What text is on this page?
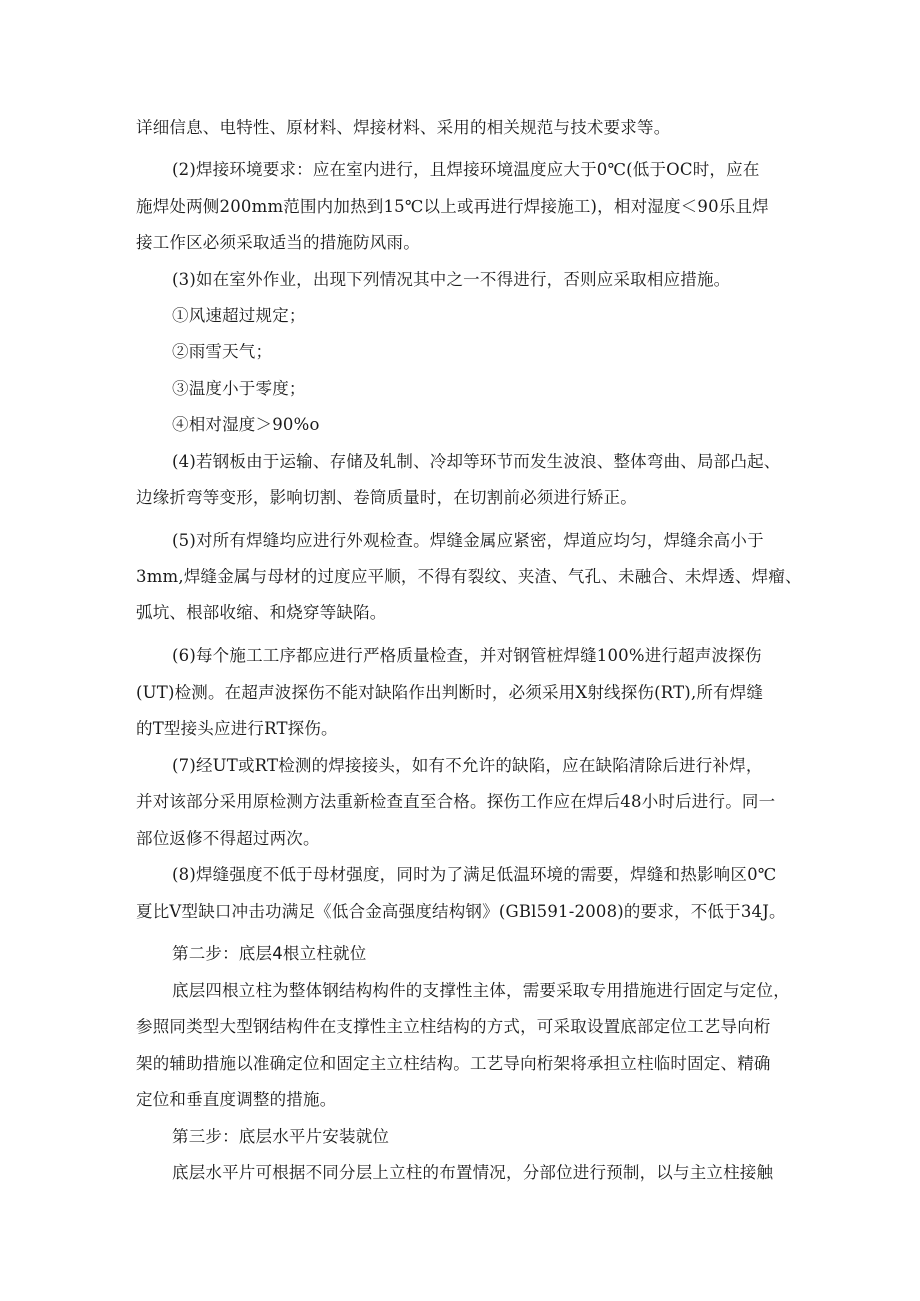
详细信息、电特性、原材料、焊接材料、采用的相关规范与技术要求等。
(2)焊接环境要求：应在室内进行，且焊接环境温度应大于0℃(低于OC时，应在
施焊处两侧200mm范围内加热到15℃以上或再进行焊接施工)，相对湿度＜90乐且焊
接工作区必须采取适当的措施防风雨。
(3)如在室外作业，出现下列情况其中之一不得进行，否则应采取相应措施。
①风速超过规定；
②雨雪天气；
③温度小于零度；
④相对湿度＞90%o
(4)若钢板由于运输、存储及轧制、冷却等环节而发生波浪、整体弯曲、局部凸起、
边缘折弯等变形，影响切割、卷筒质量时，在切割前必须进行矫正。
(5)对所有焊缝均应进行外观检查。焊缝金属应紧密，焊道应均匀，焊缝余高小于
3mm,焊缝金属与母材的过度应平顺，不得有裂纹、夹渣、气孔、未融合、未焊透、焊瘤、
弧坑、根部收缩、和烧穿等缺陷。
(6)每个施工工序都应进行严格质量检查，并对钢管桩焊缝100%进行超声波探伤
(UT)检测。在超声波探伤不能对缺陷作出判断时，必须采用X射线探伤(RT),所有焊缝
的T型接头应进行RT探伤。
(7)经UT或RT检测的焊接接头，如有不允许的缺陷，应在缺陷清除后进行补焊，
并对该部分采用原检测方法重新检查直至合格。探伤工作应在焊后48小时后进行。同一
部位返修不得超过两次。
(8)焊缝强度不低于母材强度，同时为了满足低温环境的需要，焊缝和热影响区0℃
夏比V型缺口冲击功满足《低合金高强度结构钢》(GBl591-2008)的要求，不低于34J。
第二步：底层4根立柱就位
底层四根立柱为整体钢结构构件的支撑性主体，需要采取专用措施进行固定与定位，
参照同类型大型钢结构件在支撑性主立柱结构的方式，可采取设置底部定位工艺导向桁
架的辅助措施以准确定位和固定主立柱结构。工艺导向桁架将承担立柱临时固定、精确
定位和垂直度调整的措施。
第三步：底层水平片安装就位
底层水平片可根据不同分层上立柱的布置情况，分部位进行预制，以与主立柱接触
